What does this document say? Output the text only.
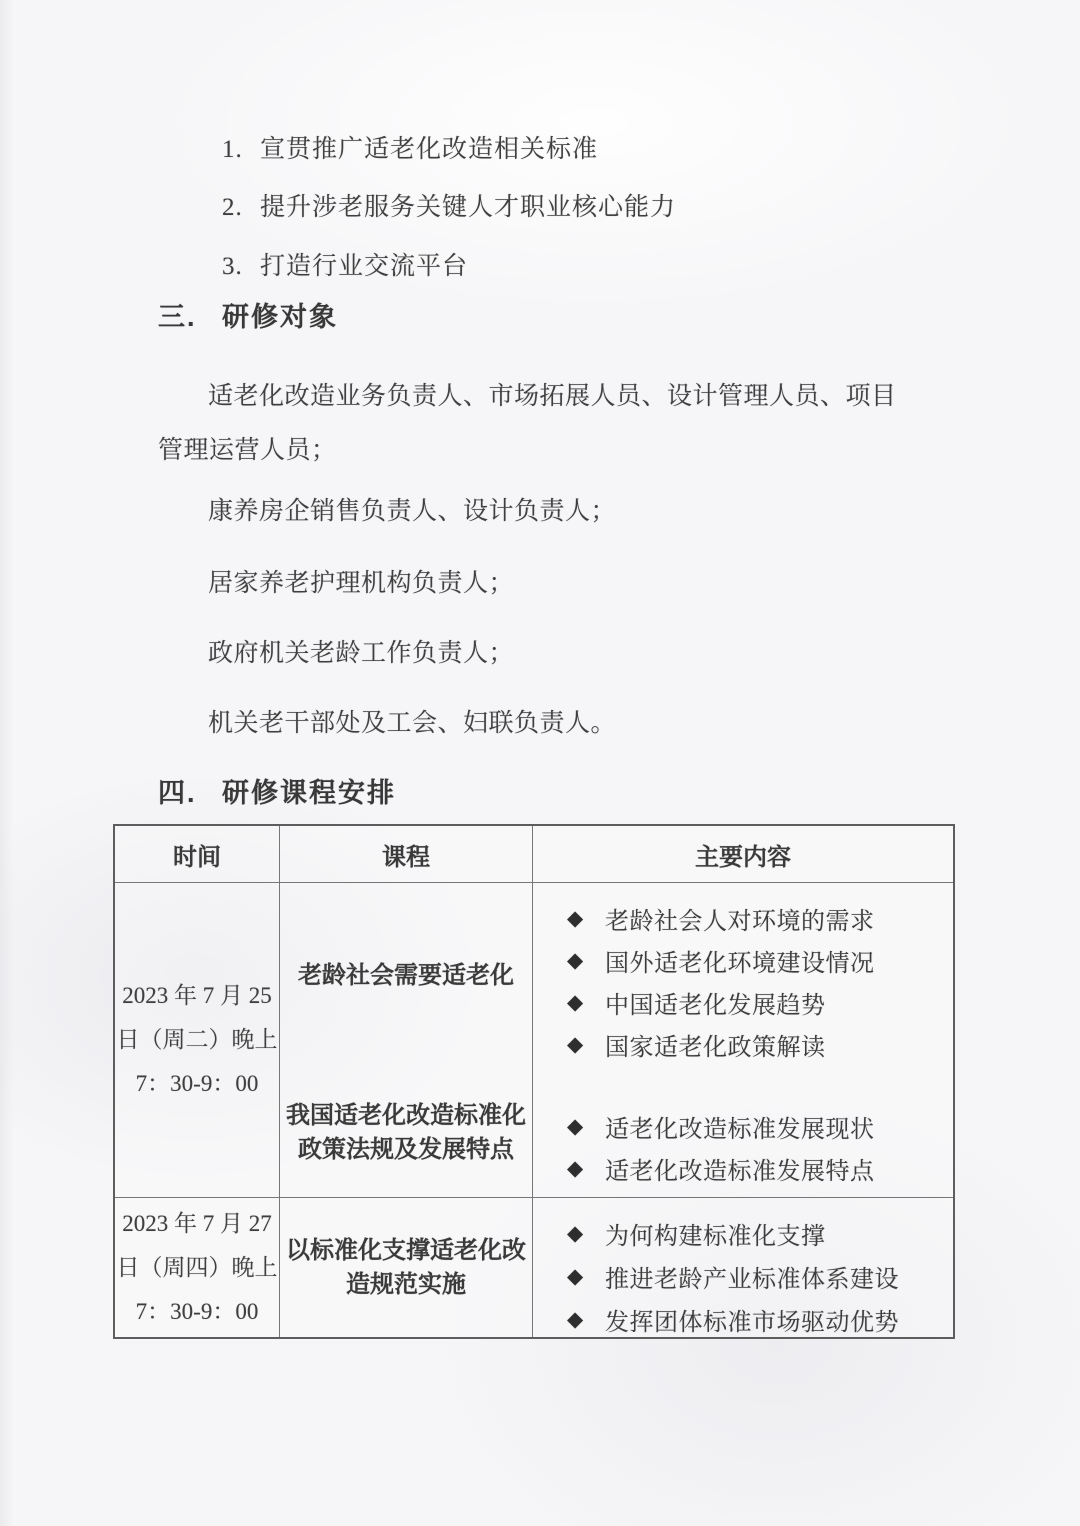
1. 宣贯推广适老化改造相关标准
2. 提升涉老服务关键人才职业核心能力
3. 打造行业交流平台
三. 研修对象
适老化改造业务负责人、市场拓展人员、设计管理人员、项目管理运营人员；
康养房企销售负责人、设计负责人；
居家养老护理机构负责人；
政府机关老龄工作负责人；
机关老干部处及工会、妇联负责人。
四. 研修课程安排
时间	课程	主要内容
2023 年 7 月 25
日（周二）晚上
7：30-9：00
老龄社会需要适老化
我国适老化改造标准化
政策法规及发展特点
◆ 老龄社会人对环境的需求
◆ 国外适老化环境建设情况
◆ 中国适老化发展趋势
◆ 国家适老化政策解读
◆ 适老化改造标准发展现状
◆ 适老化改造标准发展特点
2023 年 7 月 27
日（周四）晚上
7：30-9：00
以标准化支撑适老化改
造规范实施
◆ 为何构建标准化支撑
◆ 推进老龄产业标准体系建设
◆ 发挥团体标准市场驱动优势
